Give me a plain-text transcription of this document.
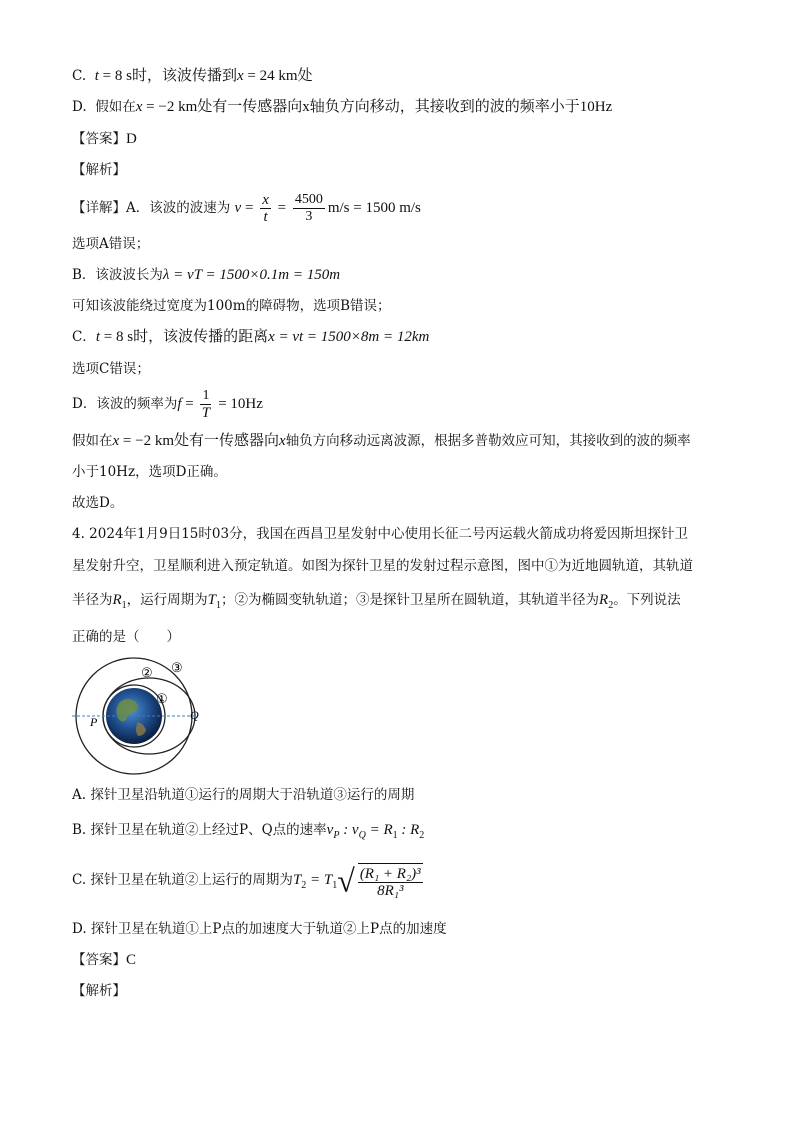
C. t = 8 s时，该波传播到x = 24 km处
D. 假如在x = −2 km处有一传感器向x轴负方向移动，其接收到的波的频率小于10Hz
【答案】D
【解析】
【详解】A．该波的波速为 $v = \frac{x}{t} = \frac{4500}{3} m/s = 1500$ m/s
选项A错误；
B．该波波长为λ = vT = 1500×0.1m = 150m
可知该波能绕过宽度为100m的障碍物，选项B错误；
C．t = 8 s时，该波传播的距离x = vt = 1500×8m = 12km
选项C错误；
D．该波的频率为$f = \frac{1}{T} = 10Hz$
假如在x = −2 km处有一传感器向x轴负方向移动远离波源，根据多普勒效应可知，其接收到的波的频率
小于10Hz，选项D正确。
故选D。
4. 2024年1月9日15时03分，我国在西昌卫星发射中心使用长征二号丙运载火箭成功将爱因斯坦探针卫
星发射升空，卫星顺利进入预定轨道。如图为探针卫星的发射过程示意图，图中①为近地圆轨道，其轨道
半径为$R_1$，运行周期为$T_1$；②为椭圆变轨轨道；③是探针卫星所在圆轨道，其轨道半径为$R_2$。下列说法
正确的是（　　）
② ③
①
P	Q
A. 探针卫星沿轨道①运行的周期大于沿轨道③运行的周期
B. 探针卫星在轨道②上经过P、Q点的速率$v_P$ : $v_Q = R_1$ : $R_2$
C. 探针卫星在轨道②上运行的周期为$T_2 = T_1√ \frac{\text{(R₁ + R₂)³}}{\text{8R₁³}}$
D. 探针卫星在轨道①上P点的加速度大于轨道②上P点的加速度
【答案】C
【解析】
